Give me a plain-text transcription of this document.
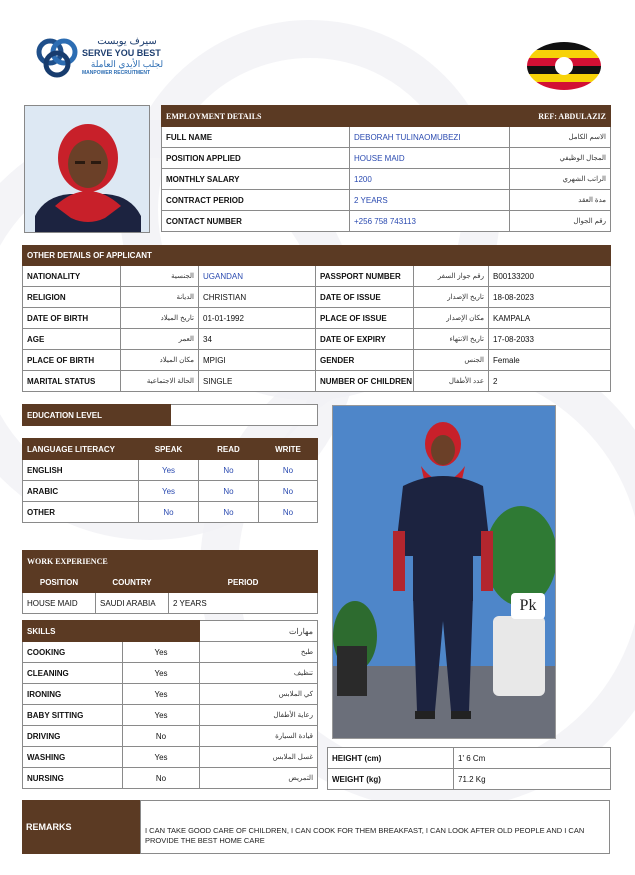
سيرف يوبست
SERVE YOU BEST
لجلب الأيدي العاملة
MANPOWER RECRUITMENT
EMPLOYMENT DETAILS		REF: ABDULAZIZ
FULL NAME	DEBORAH TULINAOMUBEZI	الاسم الكامل
POSITION APPLIED	HOUSE MAID	المجال الوظيفي
MONTHLY SALARY	1200	الراتب الشهري
CONTRACT PERIOD	2 YEARS	مدة العقد
CONTACT NUMBER	+256 758 743113	رقم الجوال
OTHER DETAILS OF APPLICANT					
NATIONALITY	الجنسية	UGANDAN	PASSPORT NUMBER	رقم جواز السفر	B00133200
RELIGION	الديانة	CHRISTIAN	DATE OF ISSUE	تاريخ الإصدار	18-08-2023
DATE OF BIRTH	تاريخ الميلاد	01-01-1992	PLACE OF ISSUE	مكان الإصدار	KAMPALA
AGE	العمر	34	DATE OF EXPIRY	تاريخ الانتهاء	17-08-2033
PLACE OF BIRTH	مكان الميلاد	MPIGI	GENDER	الجنس	Female
MARITAL STATUS	الحالة الاجتماعية	SINGLE	NUMBER OF CHILDREN	عدد الأطفال	2
EDUCATION LEVEL	
LANGUAGE LITERACY	SPEAK	READ	WRITE
ENGLISH	Yes	No	No
ARABIC	Yes	No	No
OTHER	No	No	No
WORK EXPERIENCE		
POSITION	COUNTRY	PERIOD
HOUSE MAID	SAUDI ARABIA	2 YEARS
SKILLS		مهارات
COOKING	Yes	طبخ
CLEANING	Yes	تنظيف
IRONING	Yes	كي الملابس
BABY SITTING	Yes	رعاية الأطفال
DRIVING	No	قيادة السيارة
WASHING	Yes	غسل الملابس
NURSING	No	التمريض
Pk
HEIGHT (cm)	1' 6 Cm
WEIGHT (kg)	71.2 Kg
REMARKS	I CAN TAKE GOOD CARE OF CHILDREN, I CAN COOK FOR THEM BREAKFAST, I CAN LOOK AFTER OLD PEOPLE AND I CAN PROVIDE THE BEST HOME CARE
